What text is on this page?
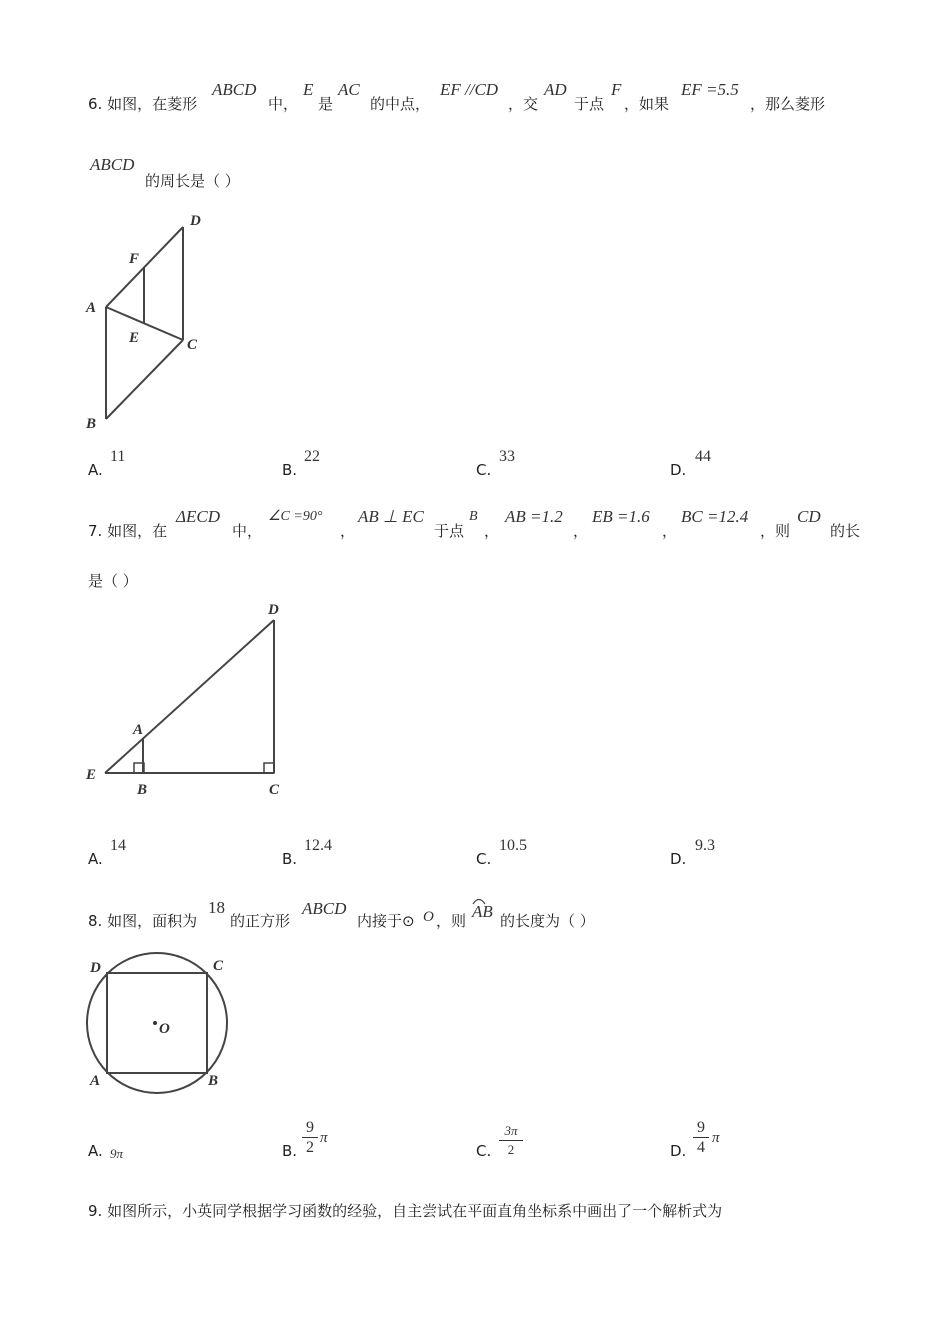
6. 如图，在菱形
ABCD
中，
E
是
AC
的中点，
EF //CD
，交
AD
于点
F
，如果
EF =5.5
，那么菱形
ABCD
的周长是（ ）
D
F
A
E	C
B
A.
11
B.
22
C.
33
D.
44
7. 如图，在
ΔECD
中，
∠C =90°
，
AB ⊥ EC
于点
B
，
AB =1.2
，
EB =1.6
，
BC =12.4
，则
CD
的长
是（ ）
D
A
E
B	C
A.
14
B.
12.4
C.
10.5
D.
9.3
8. 如图，面积为
18
的正方形
ABCD
内接于⊙ O ，则 AB 的长度为（ ）
D	C
O
A	B
A. 9π	B. $\frac{9}{2}$ π
C. $\frac{3\pi}{2}$	D. $\frac{9}{4}$ π
9. 如图所示，小英同学根据学习函数的经验，自主尝试在平面直角坐标系中画出了一个解析式为
